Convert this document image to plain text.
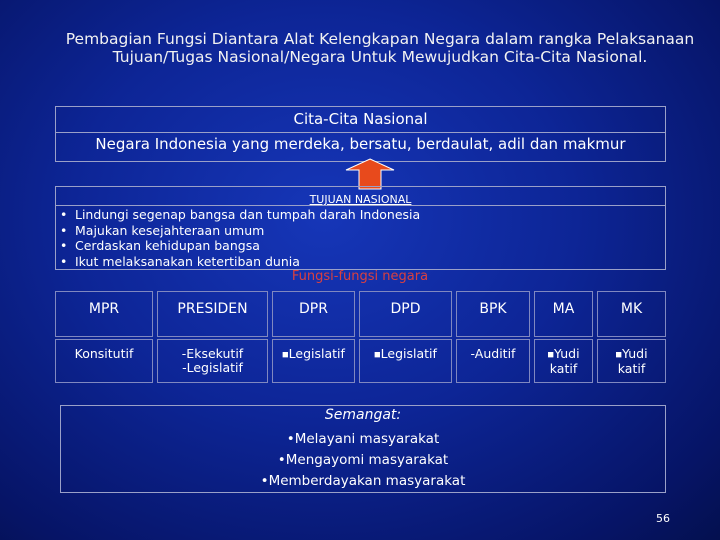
Pembagian Fungsi Diantara Alat Kelengkapan Negara dalam rangka Pelaksanaan Tujuan/Tugas Nasional/Negara Untuk Mewujudkan Cita-Cita Nasional.
Cita-Cita Nasional
Negara Indonesia yang merdeka, bersatu, berdaulat, adil dan makmur
TUJUAN NASIONAL
• Lindungi segenap bangsa dan tumpah darah Indonesia
• Majukan kesejahteraan umum
• Cerdaskan kehidupan bangsa
• Ikut melaksanakan ketertiban dunia
Fungsi-fungsi negara
MPR
Konsitutif
PRESIDEN
-Eksekutif
-Legislatif
DPR
■Legislatif
DPD
■Legislatif
BPK
-Auditif
MA
■Yudi
katif
MK
■Yudi
katif
Semangat:
•Melayani masyarakat
•Mengayomi masyarakat
•Memberdayakan masyarakat
56
